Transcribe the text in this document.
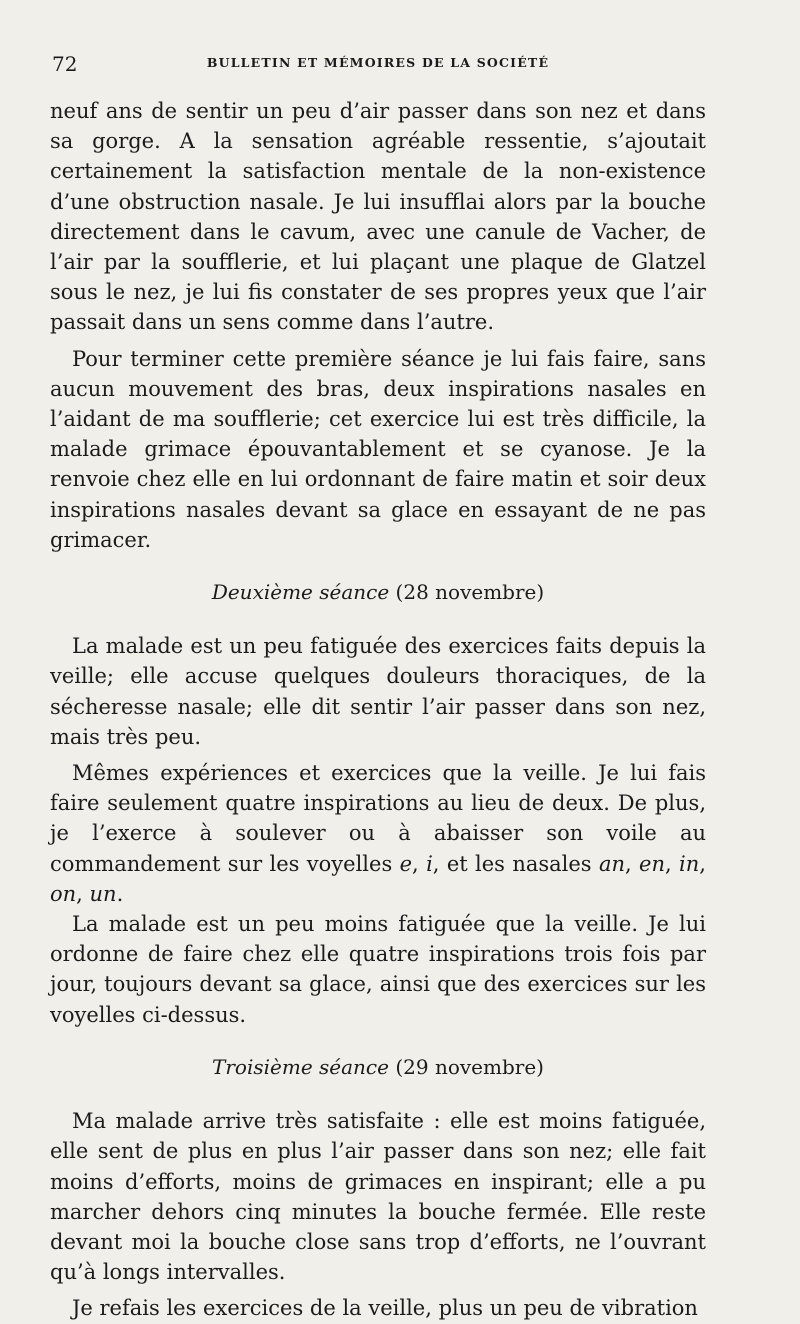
72	BULLETIN ET MÉMOIRES DE LA SOCIÉTÉ

neuf ans de sentir un peu d’air passer dans son nez et dans sa gorge. A la sensation agréable ressentie, s’ajoutait certainement la satisfaction mentale de la non-existence d’une obstruction nasale. Je lui insufflai alors par la bouche directement dans le cavum, avec une canule de Vacher, de l’air par la soufflerie, et lui plaçant une plaque de Glatzel sous le nez, je lui fis constater de ses propres yeux que l’air passait dans un sens comme dans l’autre.

Pour terminer cette première séance je lui fais faire, sans aucun mouvement des bras, deux inspirations nasales en l’aidant de ma soufflerie; cet exercice lui est très difficile, la malade grimace épouvantablement et se cyanose. Je la renvoie chez elle en lui ordonnant de faire matin et soir deux inspirations nasales devant sa glace en essayant de ne pas grimacer.

Deuxième séance (28 novembre)

La malade est un peu fatiguée des exercices faits depuis la veille; elle accuse quelques douleurs thoraciques, de la sécheresse nasale; elle dit sentir l’air passer dans son nez, mais très peu.

Mêmes expériences et exercices que la veille. Je lui fais faire seulement quatre inspirations au lieu de deux. De plus, je l’exerce à soulever ou à abaisser son voile au commandement sur les voyelles e, i, et les nasales an, en, in, on, un.

La malade est un peu moins fatiguée que la veille. Je lui ordonne de faire chez elle quatre inspirations trois fois par jour, toujours devant sa glace, ainsi que des exercices sur les voyelles ci-dessus.

Troisième séance (29 novembre)

Ma malade arrive très satisfaite : elle est moins fatiguée, elle sent de plus en plus l’air passer dans son nez; elle fait moins d’efforts, moins de grimaces en inspirant; elle a pu marcher dehors cinq minutes la bouche fermée. Elle reste devant moi la bouche close sans trop d’efforts, ne l’ouvrant qu’à longs intervalles.

Je refais les exercices de la veille, plus un peu de vibration
